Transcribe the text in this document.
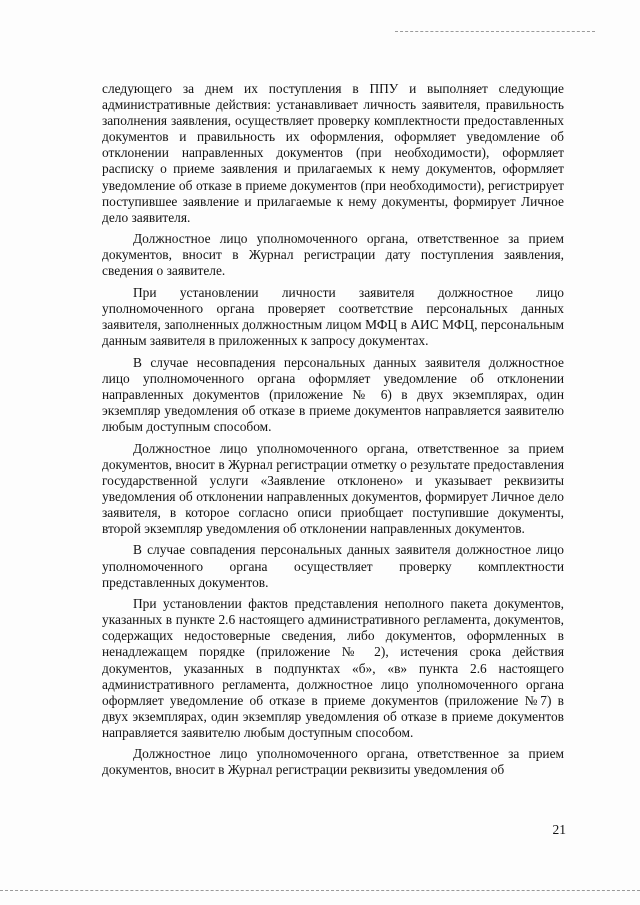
следующего за днем их поступления в ППУ и выполняет следующие административные действия: устанавливает личность заявителя, правильность заполнения заявления, осуществляет проверку комплектности предоставленных документов и правильность их оформления, оформляет уведомление об отклонении направленных документов (при необходимости), оформляет расписку о приеме заявления и прилагаемых к нему документов, оформляет уведомление об отказе в приеме документов (при необходимости), регистрирует поступившее заявление и прилагаемые к нему документы, формирует Личное дело заявителя.

Должностное лицо уполномоченного органа, ответственное за прием документов, вносит в Журнал регистрации дату поступления заявления, сведения о заявителе.

При установлении личности заявителя должностное лицо уполномоченного органа проверяет соответствие персональных данных заявителя, заполненных должностным лицом МФЦ в АИС МФЦ, персональным данным заявителя в приложенных к запросу документах.

В случае несовпадения персональных данных заявителя должностное лицо уполномоченного органа оформляет уведомление об отклонении направленных документов (приложение № 6) в двух экземплярах, один экземпляр уведомления об отказе в приеме документов направляется заявителю любым доступным способом.

Должностное лицо уполномоченного органа, ответственное за прием документов, вносит в Журнал регистрации отметку о результате предоставления государственной услуги «Заявление отклонено» и указывает реквизиты уведомления об отклонении направленных документов, формирует Личное дело заявителя, в которое согласно описи приобщает поступившие документы, второй экземпляр уведомления об отклонении направленных документов.

В случае совпадения персональных данных заявителя должностное лицо уполномоченного органа осуществляет проверку комплектности представленных документов.

При установлении фактов представления неполного пакета документов, указанных в пункте 2.6 настоящего административного регламента, документов, содержащих недостоверные сведения, либо документов, оформленных в ненадлежащем порядке (приложение № 2), истечения срока действия документов, указанных в подпунктах «б», «в» пункта 2.6 настоящего административного регламента, должностное лицо уполномоченного органа оформляет уведомление об отказе в приеме документов (приложение №7) в двух экземплярах, один экземпляр уведомления об отказе в приеме документов направляется заявителю любым доступным способом.

Должностное лицо уполномоченного органа, ответственное за прием документов, вносит в Журнал регистрации реквизиты уведомления об

21
